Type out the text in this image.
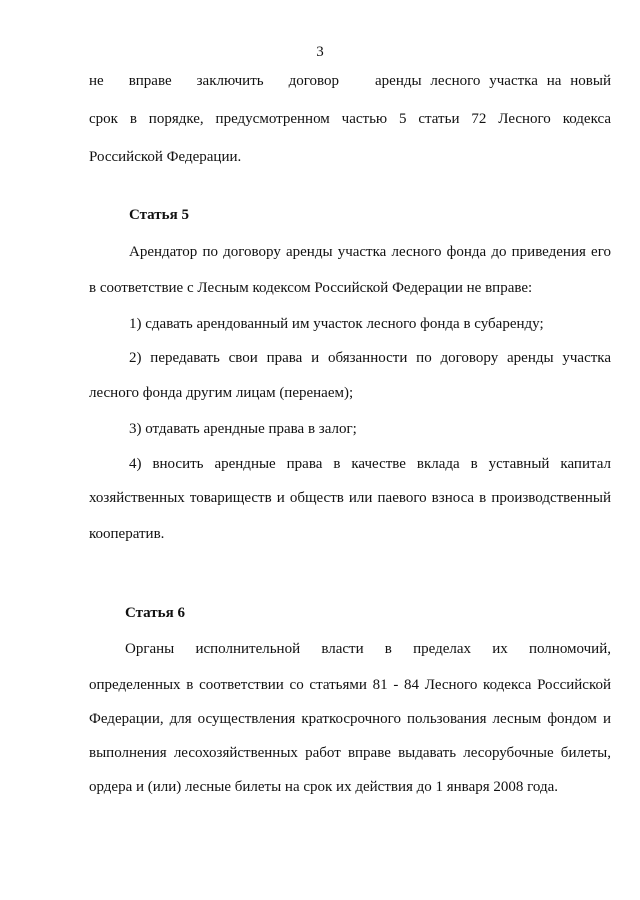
3
не вправе заключить договор аренды лесного участка на новый
срок в порядке, предусмотренном частью 5 статьи 72 Лесного кодекса
Российской Федерации.
Статья 5
Арендатор по договору аренды участка лесного фонда до приведения его
в соответствие с Лесным кодексом Российской Федерации не вправе:
1) сдавать арендованный им участок лесного фонда в субаренду;
2) передавать свои права и обязанности по договору аренды участка
лесного фонда другим лицам (перенаем);
3) отдавать арендные права в залог;
4) вносить арендные права в качестве вклада в уставный капитал
хозяйственных товариществ и обществ или паевого взноса в производственный
кооператив.
Статья 6
Органы исполнительной власти в пределах их полномочий,
определенных в соответствии со статьями 81 - 84 Лесного кодекса Российской
Федерации, для осуществления краткосрочного пользования лесным фондом и
выполнения лесохозяйственных работ вправе выдавать лесорубочные билеты,
ордера и (или) лесные билеты на срок их действия до 1 января 2008 года.
